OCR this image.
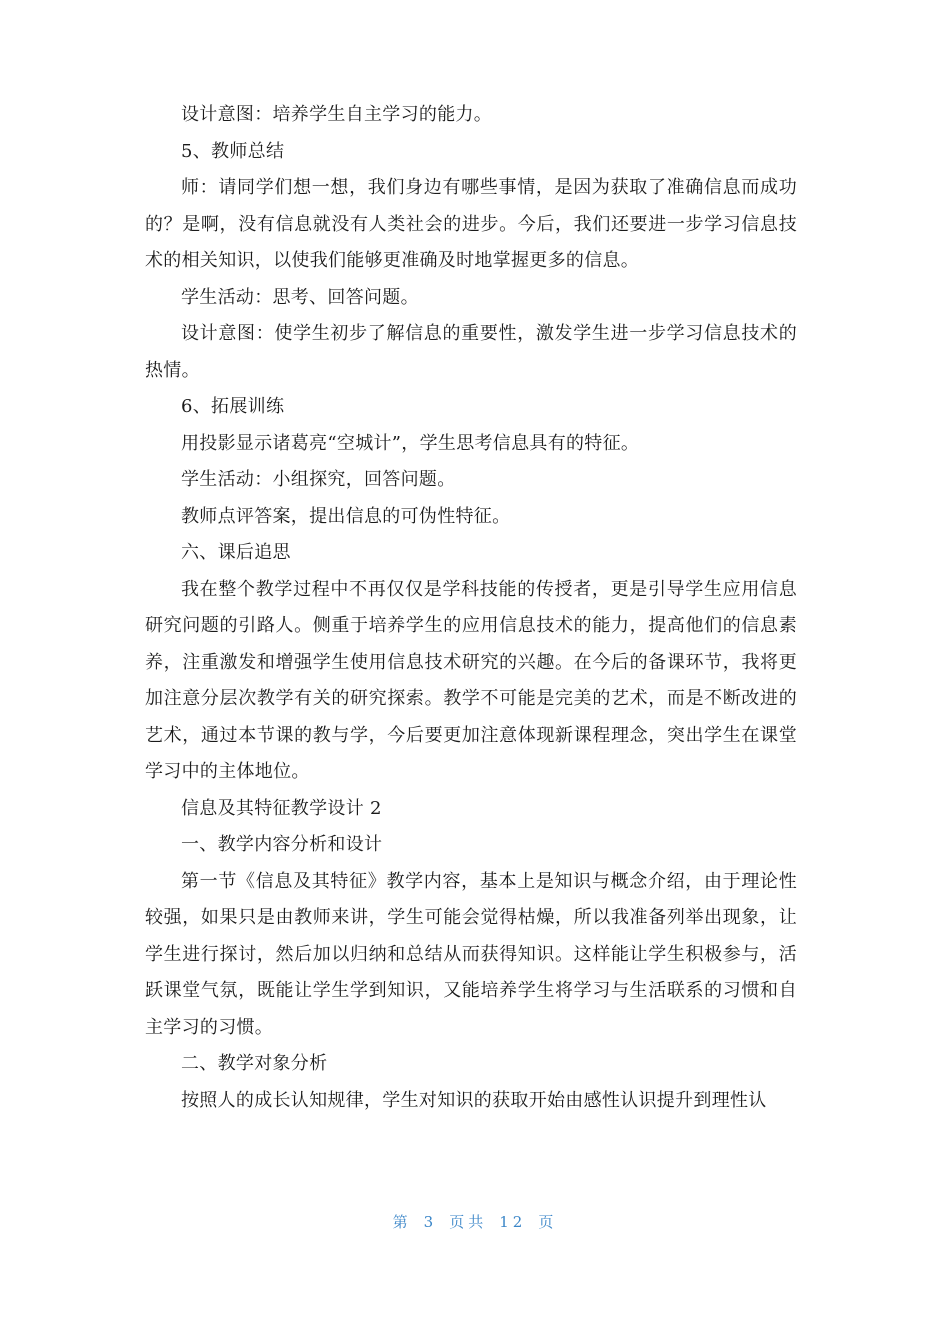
设计意图：培养学生自主学习的能力。

5、教师总结

师：请同学们想一想，我们身边有哪些事情，是因为获取了准确信息而成功的？是啊，没有信息就没有人类社会的进步。今后，我们还要进一步学习信息技术的相关知识，以使我们能够更准确及时地掌握更多的信息。

学生活动：思考、回答问题。

设计意图：使学生初步了解信息的重要性，激发学生进一步学习信息技术的热情。

6、拓展训练

用投影显示诸葛亮“空城计”，学生思考信息具有的特征。

学生活动：小组探究，回答问题。

教师点评答案，提出信息的可伪性特征。

六、课后追思

我在整个教学过程中不再仅仅是学科技能的传授者，更是引导学生应用信息研究问题的引路人。侧重于培养学生的应用信息技术的能力，提高他们的信息素养，注重激发和增强学生使用信息技术研究的兴趣。在今后的备课环节，我将更加注意分层次教学有关的研究探索。教学不可能是完美的艺术，而是不断改进的艺术，通过本节课的教与学，今后要更加注意体现新课程理念，突出学生在课堂学习中的主体地位。

信息及其特征教学设计 2

一、教学内容分析和设计

第一节《信息及其特征》教学内容，基本上是知识与概念介绍，由于理论性较强，如果只是由教师来讲，学生可能会觉得枯燥，所以我准备列举出现象，让学生进行探讨，然后加以归纳和总结从而获得知识。这样能让学生积极参与，活跃课堂气氛，既能让学生学到知识，又能培养学生将学习与生活联系的习惯和自主学习的习惯。

二、教学对象分析

按照人的成长认知规律，学生对知识的获取开始由感性认识提升到理性认

第 3 页共 12 页
